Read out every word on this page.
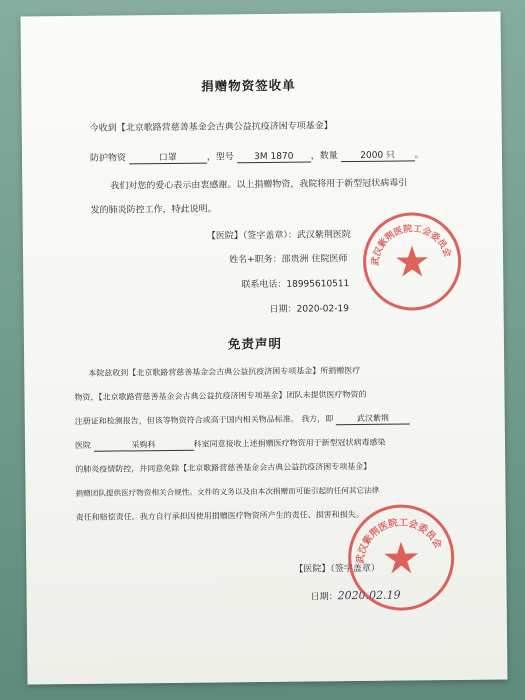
捐赠物资签收单
今收到【北京歌路营慈善基金会古典公益抗疫济困专项基金】
防护物资	口罩	，型号 3M 1870 ，数量 2000 只 。
我们对您的爱心表示由衷感谢。以上捐赠物资，我院将用于新型冠状病毒引
发的肺炎防控工作，特此说明。
【医院】（签字盖章）：武汉紫荆医院
姓名+职务：邵贵洲 住院医师
联系电话：18995610511
日期：2020-02-19
武汉紫荆医院工会委员会
免责声明
本院兹收到【北京歌路营慈善基金会古典公益抗疫济困专项基金】所捐赠医疗
物资，【北京歌路营慈善基金会古典公益抗疫济困专项基金】团队未提供医疗物资的
注册证和检测报告，但该等物资符合或高于国内相关物品标准。 我方，即	武汉紫荆
医院	采购科	科室同意接收上述捐赠医疗物资用于新型冠状病毒感染
的肺炎疫情防控，并同意免除【北京歌路营慈善基金会古典公益抗疫济困专项基金】
捐赠团队提供医疗物资相关合规性。文件的义务以及由本次捐赠而可能引起的任何其它法律
责任和赔偿责任。我方自行承担因使用捐赠医疗物资所产生的责任、损害和损失。
【医院】（签字盖章）
日期：2020.02.19
武汉紫荆医院工会委员会
